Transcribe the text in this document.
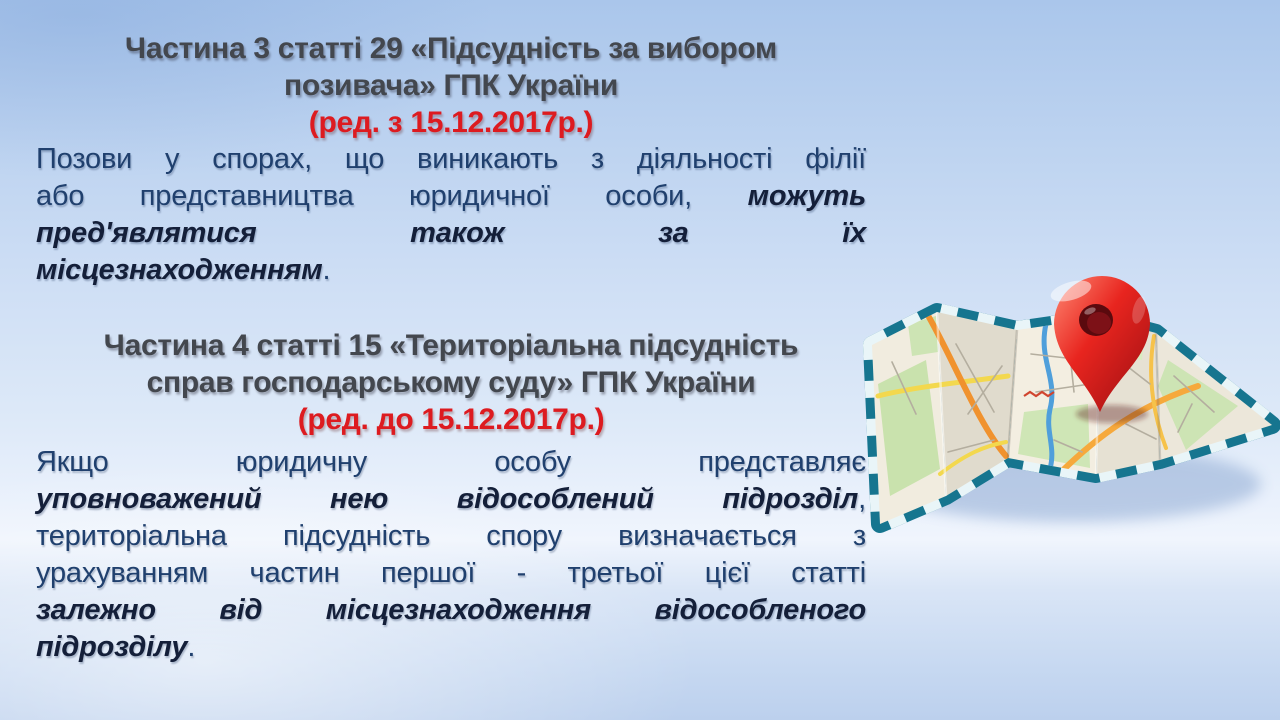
Частина 3 статті 29 «Підсудність за вибором
позивача» ГПК України
(ред. з 15.12.2017р.)
Позови у спорах, що виникають з діяльності філії
або представництва юридичної особи, можуть
пред'являтися також за їх
місцезнаходженням.
Частина 4 статті 15 «Територіальна підсудність
справ господарському суду» ГПК України
(ред. до 15.12.2017р.)
Якщо юридичну особу представляє
уповноважений нею відособлений підрозділ,
територіальна підсудність спору визначається з
урахуванням частин першої - третьої цієї статті
залежно від місцезнаходження відособленого
підрозділу.
